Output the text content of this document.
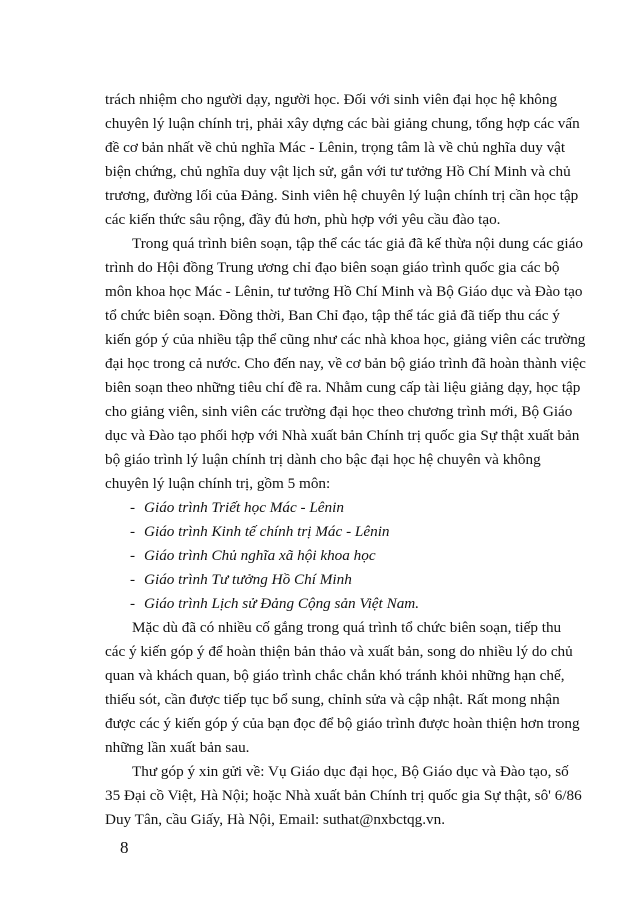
trách nhiệm cho người dạy, người học. Đối với sinh viên đại học hệ không

chuyên lý luận chính trị, phải xây dựng các bài giảng chung, tổng hợp các vấn

đề cơ bản nhất về chủ nghĩa Mác - Lênin, trọng tâm là về chủ nghĩa duy vật

biện chứng, chủ nghĩa duy vật lịch sử, gắn với tư tưởng Hồ Chí Minh và chủ

trương, đường lối của Đảng. Sinh viên hệ chuyên lý luận chính trị cần học tập

các kiến thức sâu rộng, đầy đủ hơn, phù hợp với yêu cầu đào tạo.

Trong quá trình biên soạn, tập thể các tác giả đã kế thừa nội dung các giáo

trình do Hội đồng Trung ương chỉ đạo biên soạn giáo trình quốc gia các bộ

môn khoa học Mác - Lênin, tư tưởng Hồ Chí Minh và Bộ Giáo dục và Đào tạo

tổ chức biên soạn. Đồng thời, Ban Chỉ đạo, tập thể tác giả đã tiếp thu các ý

kiến góp ý của nhiều tập thể cũng như các nhà khoa học, giảng viên các trường

đại học trong cả nước. Cho đến nay, về cơ bản bộ giáo trình đã hoàn thành việc

biên soạn theo những tiêu chí đề ra. Nhằm cung cấp tài liệu giảng dạy, học tập

cho giảng viên, sinh viên các trường đại học theo chương trình mới, Bộ Giáo

dục và Đào tạo phối hợp với Nhà xuất bản Chính trị quốc gia Sự thật xuất bản

bộ giáo trình lý luận chính trị dành cho bậc đại học hệ chuyên và không

chuyên lý luận chính trị, gồm 5 môn:

- Giáo trình Triết học Mác - Lênin
- Giáo trình Kinh tế chính trị Mác - Lênin
- Giáo trình Chủ nghĩa xã hội khoa học
- Giáo trình Tư tưởng Hồ Chí Minh
- Giáo trình Lịch sử Đảng Cộng sản Việt Nam.

Mặc dù đã có nhiều cố gắng trong quá trình tổ chức biên soạn, tiếp thu

các ý kiến góp ý để hoàn thiện bản thảo và xuất bản, song do nhiều lý do chủ

quan và khách quan, bộ giáo trình chắc chắn khó tránh khỏi những hạn chế,

thiếu sót, cần được tiếp tục bổ sung, chỉnh sửa và cập nhật. Rất mong nhận

được các ý kiến góp ý của bạn đọc để bộ giáo trình được hoàn thiện hơn trong

những lần xuất bản sau.

Thư góp ý xin gửi về: Vụ Giáo dục đại học, Bộ Giáo dục và Đào tạo, số

35 Đại cồ Việt, Hà Nội; hoặc Nhà xuất bản Chính trị quốc gia Sự thật, sô' 6/86

Duy Tân, cầu Giấy, Hà Nội, Email: suthat@nxbctqg.vn.

8
